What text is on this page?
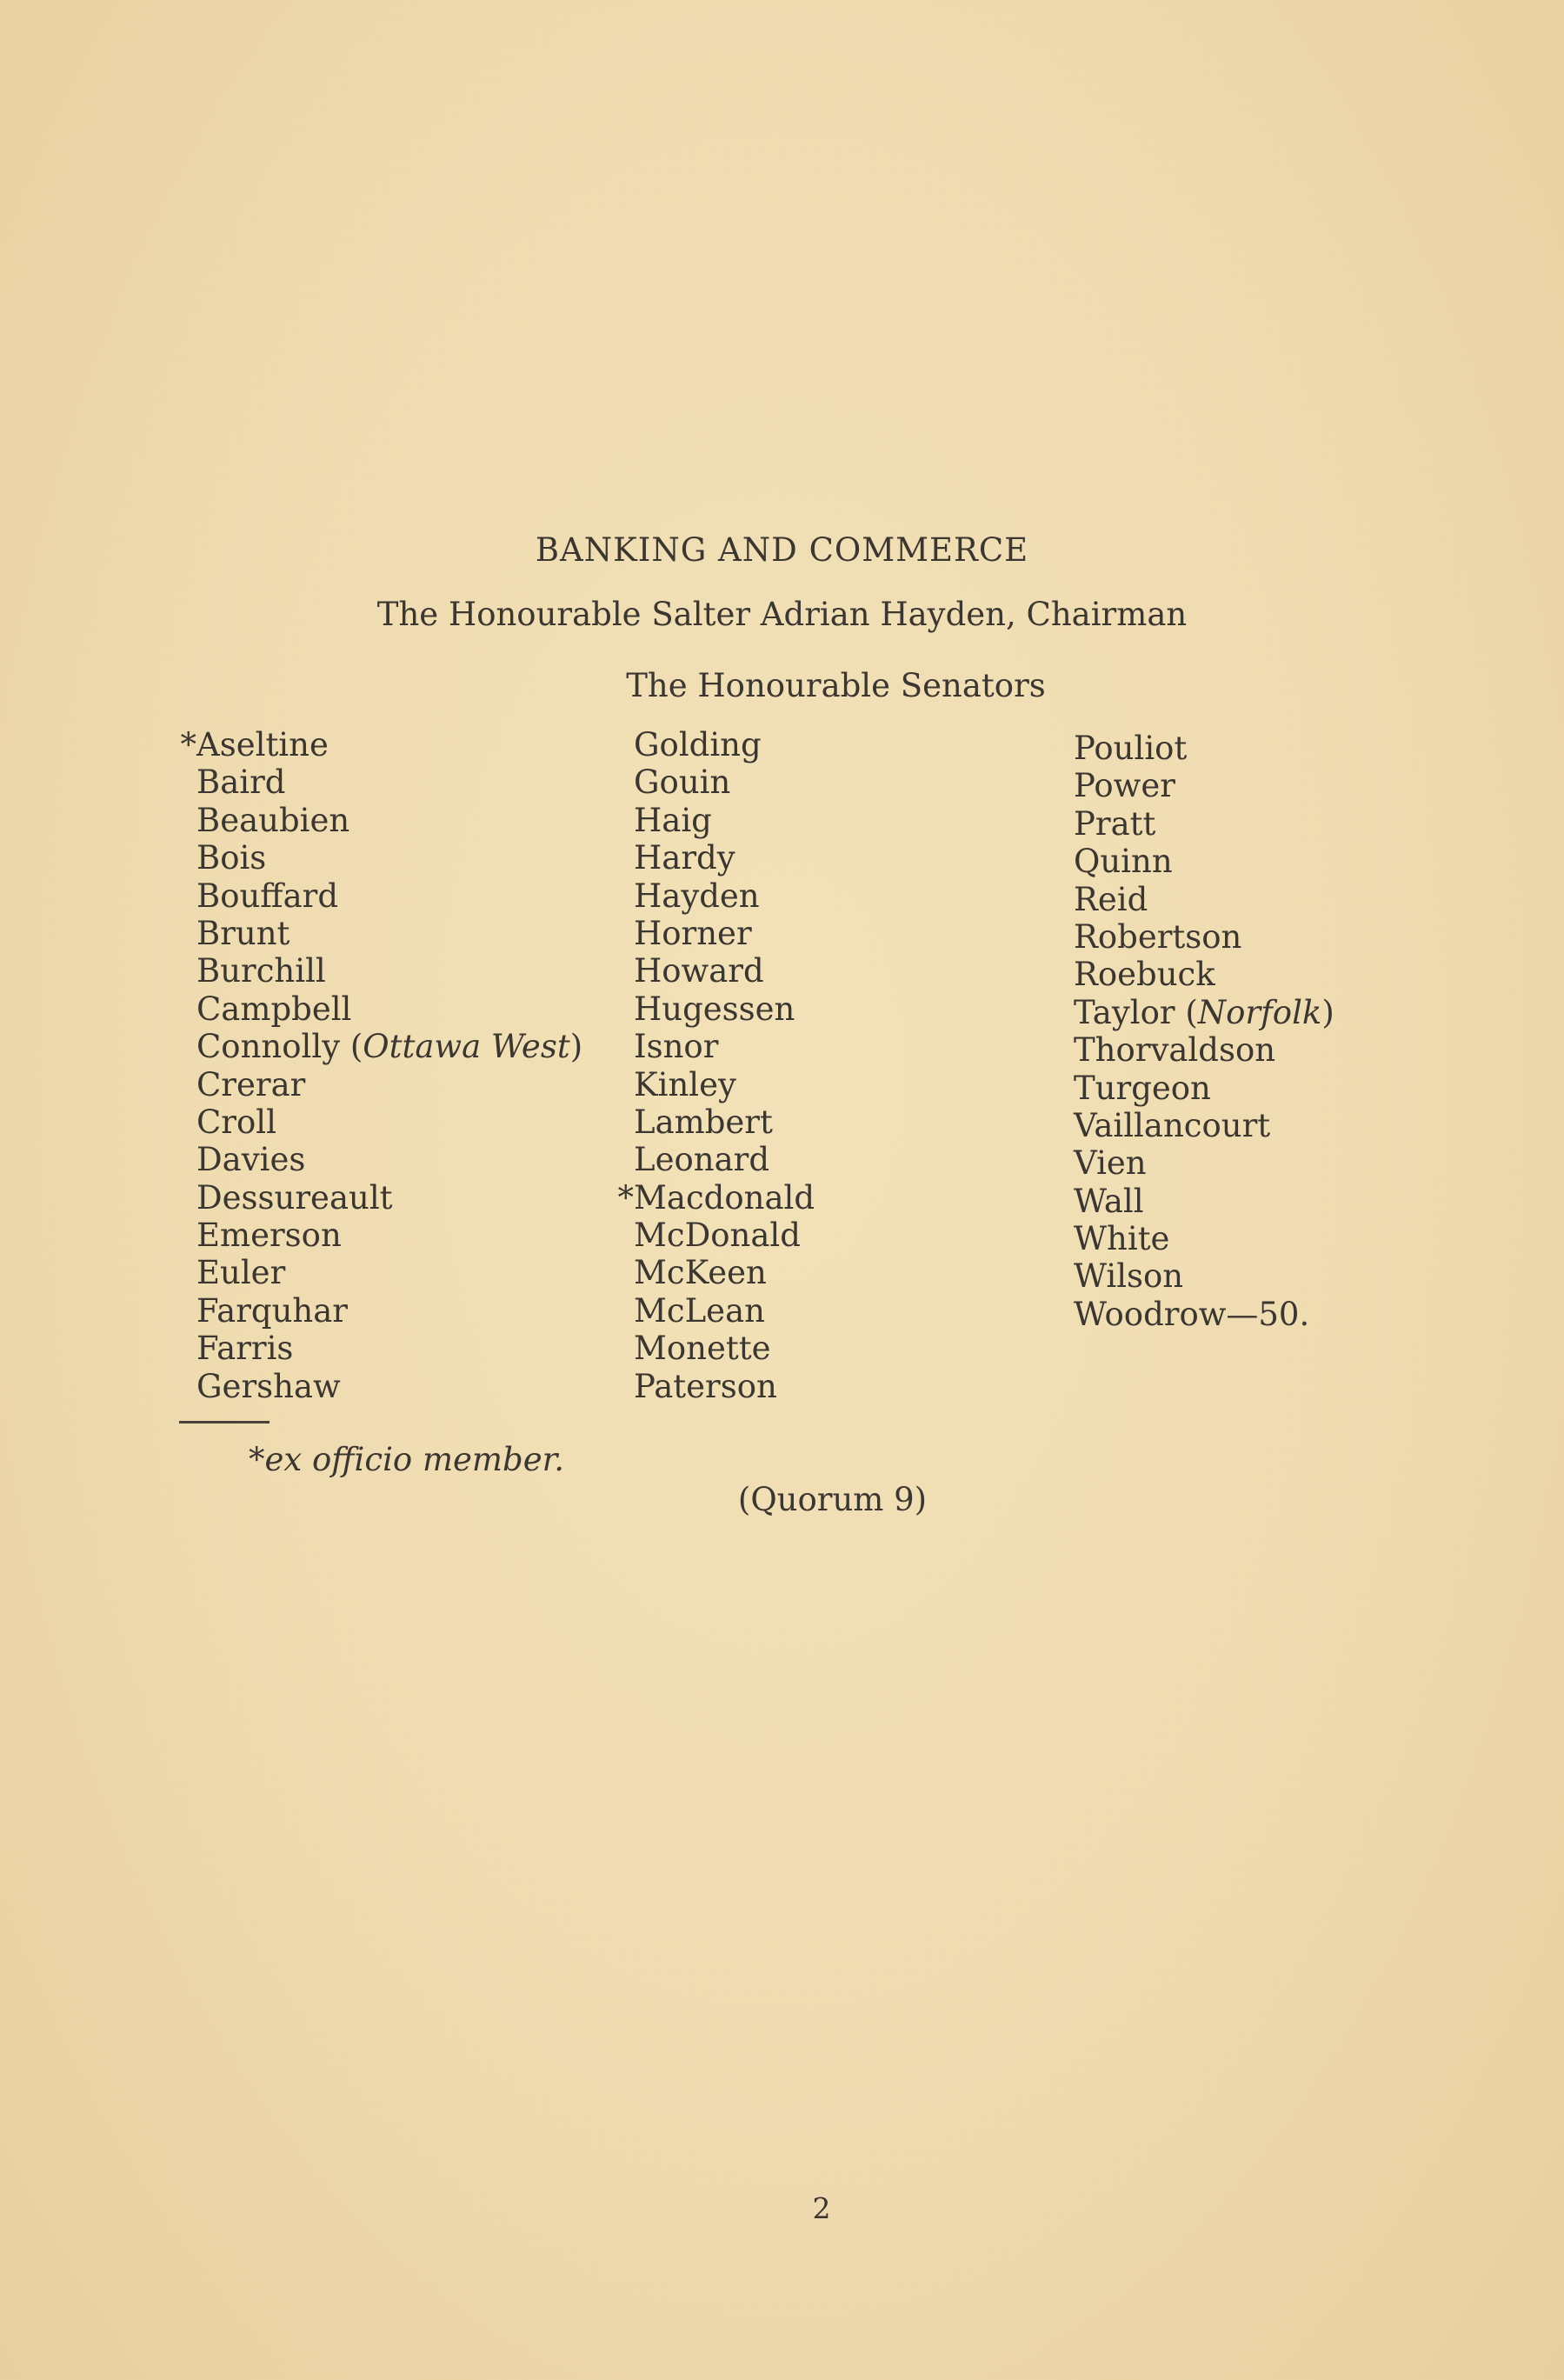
BANKING AND COMMERCE
The Honourable Salter Adrian Hayden, Chairman
The Honourable Senators
*Aseltine
Baird
Beaubien
Bois
Bouffard
Brunt
Burchill
Campbell
Connolly (Ottawa West)
Crerar
Croll
Davies
Dessureault
Emerson
Euler
Farquhar
Farris
Gershaw
Golding
Gouin
Haig
Hardy
Hayden
Horner
Howard
Hugessen
Isnor
Kinley
Lambert
Leonard
*Macdonald
McDonald
McKeen
McLean
Monette
Paterson
Pouliot
Power
Pratt
Quinn
Reid
Robertson
Roebuck
Taylor (Norfolk)
Thorvaldson
Turgeon
Vaillancourt
Vien
Wall
White
Wilson
Woodrow—50.
*ex officio member.
(Quorum 9)
2
